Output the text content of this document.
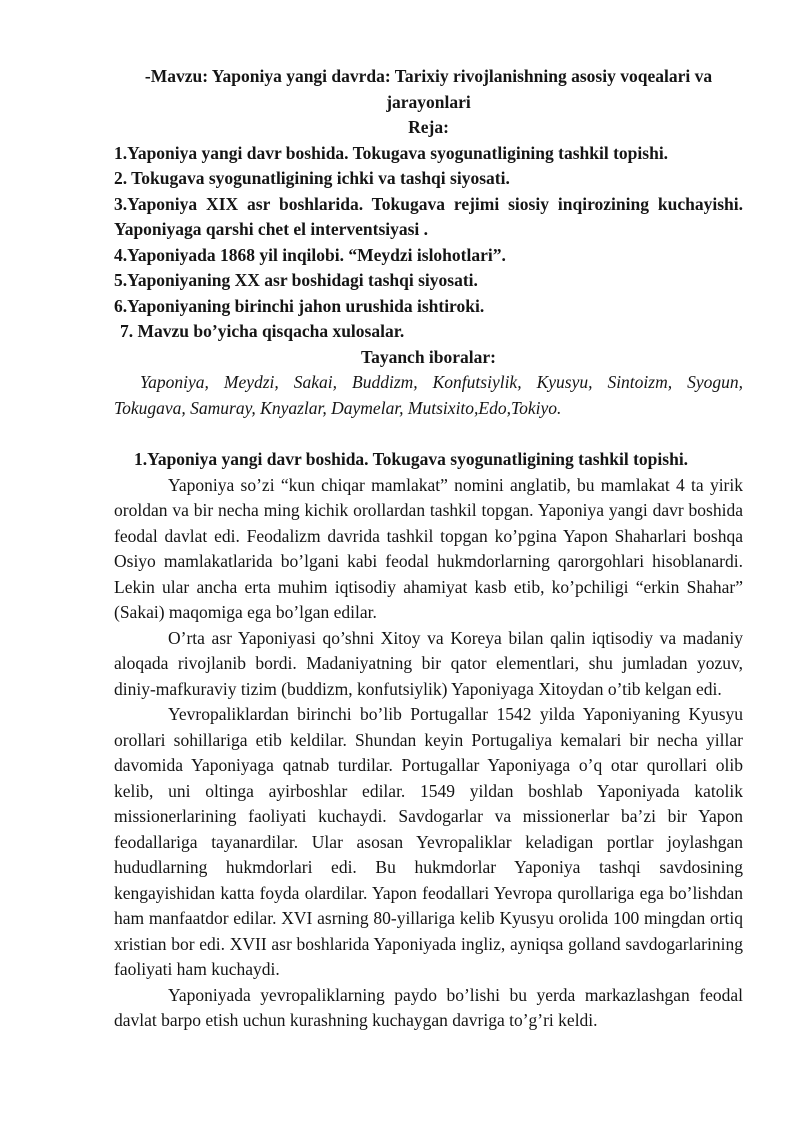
-Mavzu: Yaponiya yangi davrda: Tarixiy rivojlanishning asosiy voqealari va jarayonlari

Reja:

1.Yaponiya yangi davr boshida. Tokugava syogunatligining tashkil topishi.

2. Tokugava syogunatligining ichki va tashqi siyosati.

3.Yaponiya XIX asr boshlarida. Tokugava rejimi siosiy inqirozining kuchayishi. Yaponiyaga qarshi chet el interventsiyasi .

4.Yaponiyada 1868 yil inqilobi. “Meydzi islohotlari”.

5.Yaponiyaning XX asr boshidagi tashqi siyosati.

6.Yaponiyaning birinchi jahon urushida ishtiroki.

7. Mavzu bo’yicha qisqacha xulosalar.

Tayanch iboralar:

Yaponiya, Meydzi, Sakai, Buddizm, Konfutsiylik, Kyusyu, Sintoizm, Syogun, Tokugava, Samuray, Knyazlar, Daymelar, Mutsixito,Edo,Tokiyo.

1.Yaponiya yangi davr boshida. Tokugava syogunatligining tashkil topishi.

Yaponiya so’zi “kun chiqar mamlakat” nomini anglatib, bu mamlakat 4 ta yirik oroldan va bir necha ming kichik orollardan tashkil topgan. Yaponiya yangi davr boshida feodal davlat edi. Feodalizm davrida tashkil topgan ko’pgina Yapon Shaharlari boshqa Osiyo mamlakatlarida bo’lgani kabi feodal hukmdorlarning qarorgohlari hisoblanardi. Lekin ular ancha erta muhim iqtisodiy ahamiyat kasb etib, ko’pchiligi “erkin Shahar” (Sakai) maqomiga ega bo’lgan edilar.

O’rta asr Yaponiyasi qo’shni Xitoy va Koreya bilan qalin iqtisodiy va madaniy aloqada rivojlanib bordi. Madaniyatning bir qator elementlari, shu jumladan yozuv, diniy-mafkuraviy tizim (buddizm, konfutsiylik) Yaponiyaga Xitoydan o’tib kelgan edi.

Yevropaliklardan birinchi bo’lib Portugallar 1542 yilda Yaponiyaning Kyusyu orollari sohillariga etib keldilar. Shundan keyin Portugaliya kemalari bir necha yillar davomida Yaponiyaga qatnab turdilar. Portugallar Yaponiyaga o’q otar qurollari olib kelib, uni oltinga ayirboshlar edilar. 1549 yildan boshlab Yaponiyada katolik missionerlarining faoliyati kuchaydi. Savdogarlar va missionerlar ba’zi bir Yapon feodallariga tayanardilar. Ular asosan Yevropaliklar keladigan portlar joylashgan hududlarning hukmdorlari edi. Bu hukmdorlar Yaponiya tashqi savdosining kengayishidan katta foyda olardilar. Yapon feodallari Yevropa qurollariga ega bo’lishdan ham manfaatdor edilar. XVI asrning 80-yillariga kelib Kyusyu orolida 100 mingdan ortiq xristian bor edi. XVII asr boshlarida Yaponiyada ingliz, ayniqsa golland savdogarlarining faoliyati ham kuchaydi.

Yaponiyada yevropaliklarning paydo bo’lishi bu yerda markazlashgan feodal davlat barpo etish uchun kurashning kuchaygan davriga to’g’ri keldi.
